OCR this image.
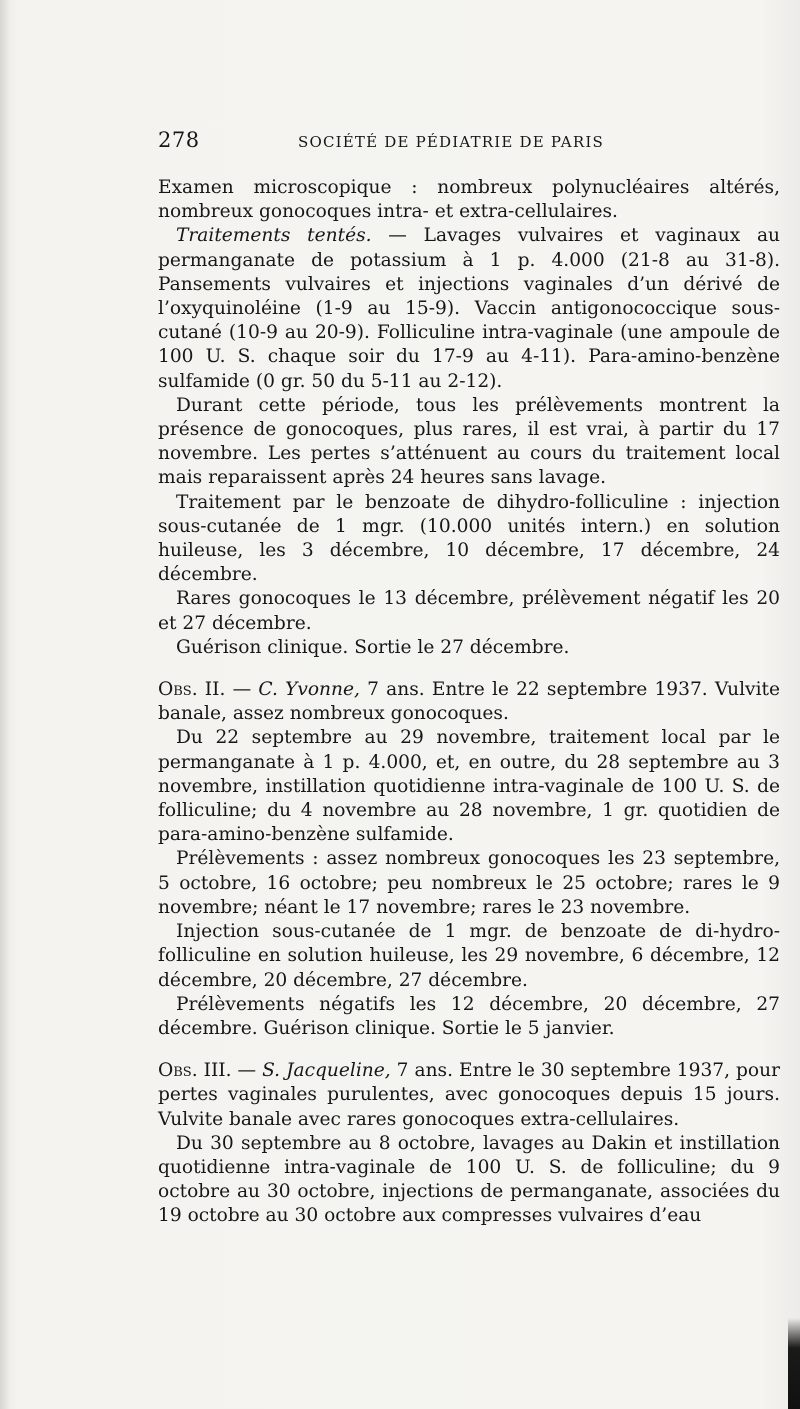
278	SOCIÉTÉ DE PÉDIATRIE DE PARIS

Examen microscopique : nombreux polynucléaires altérés, nombreux gonocoques intra- et extra-cellulaires.

Traitements tentés. — Lavages vulvaires et vaginaux au permanganate de potassium à 1 p. 4.000 (21-8 au 31-8). Pansements vulvaires et injections vaginales d’un dérivé de l’oxyquinoléine (1-9 au 15-9). Vaccin antigonococcique sous-cutané (10-9 au 20-9). Folliculine intra-vaginale (une ampoule de 100 U. S. chaque soir du 17-9 au 4-11). Para-amino-benzène sulfamide (0 gr. 50 du 5-11 au 2-12).

Durant cette période, tous les prélèvements montrent la présence de gonocoques, plus rares, il est vrai, à partir du 17 novembre. Les pertes s’atténuent au cours du traitement local mais reparaissent après 24 heures sans lavage.

Traitement par le benzoate de dihydro-folliculine : injection sous-cutanée de 1 mgr. (10.000 unités intern.) en solution huileuse, les 3 décembre, 10 décembre, 17 décembre, 24 décembre.

Rares gonocoques le 13 décembre, prélèvement négatif les 20 et 27 décembre.

Guérison clinique. Sortie le 27 décembre.

Obs. II. — C. Yvonne, 7 ans. Entre le 22 septembre 1937. Vulvite banale, assez nombreux gonocoques.

Du 22 septembre au 29 novembre, traitement local par le permanganate à 1 p. 4.000, et, en outre, du 28 septembre au 3 novembre, instillation quotidienne intra-vaginale de 100 U. S. de folliculine; du 4 novembre au 28 novembre, 1 gr. quotidien de para-amino-benzène sulfamide.

Prélèvements : assez nombreux gonocoques les 23 septembre, 5 octobre, 16 octobre; peu nombreux le 25 octobre; rares le 9 novembre; néant le 17 novembre; rares le 23 novembre.

Injection sous-cutanée de 1 mgr. de benzoate de di-hydro-folliculine en solution huileuse, les 29 novembre, 6 décembre, 12 décembre, 20 décembre, 27 décembre.

Prélèvements négatifs les 12 décembre, 20 décembre, 27 décembre. Guérison clinique. Sortie le 5 janvier.

Obs. III. — S. Jacqueline, 7 ans. Entre le 30 septembre 1937, pour pertes vaginales purulentes, avec gonocoques depuis 15 jours. Vulvite banale avec rares gonocoques extra-cellulaires.

Du 30 septembre au 8 octobre, lavages au Dakin et instillation quotidienne intra-vaginale de 100 U. S. de folliculine; du 9 octobre au 30 octobre, injections de permanganate, associées du 19 octobre au 30 octobre aux compresses vulvaires d’eau
